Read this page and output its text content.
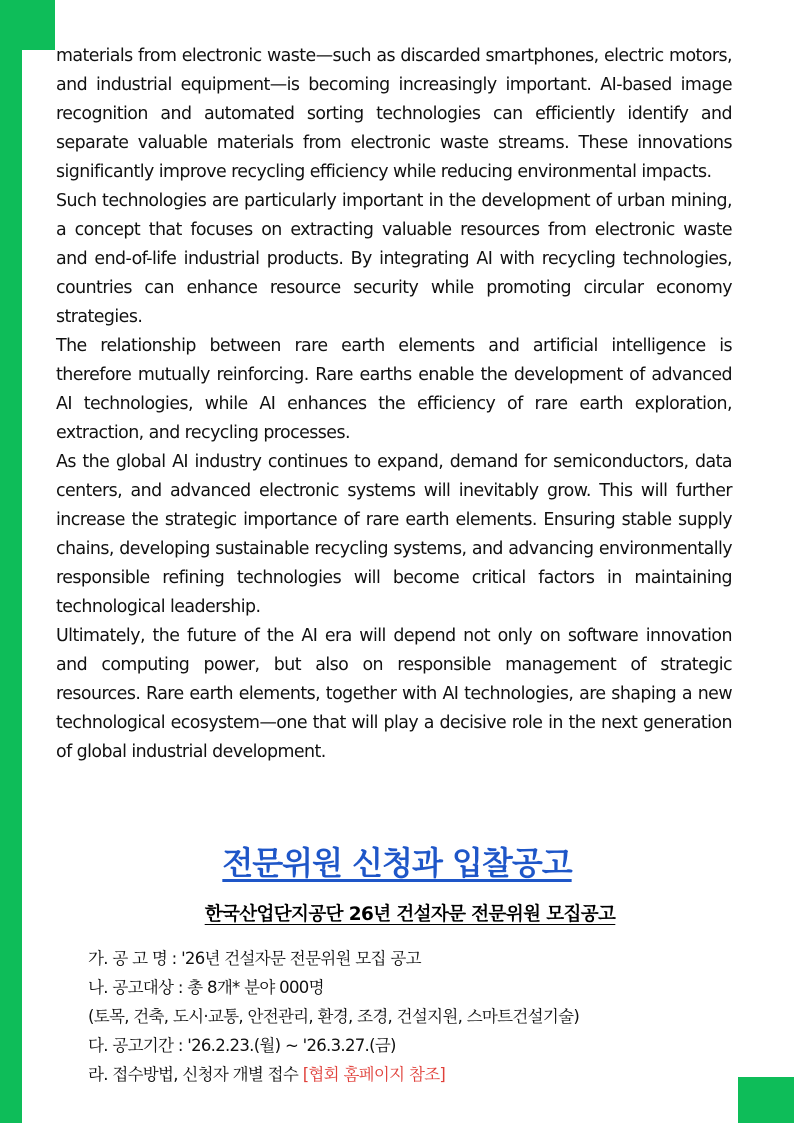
materials from electronic waste—such as discarded smartphones, electric motors, and industrial equipment—is becoming increasingly important. AI-based image recognition and automated sorting technologies can efficiently identify and separate valuable materials from electronic waste streams. These innovations significantly improve recycling efficiency while reducing environmental impacts.

Such technologies are particularly important in the development of urban mining, a concept that focuses on extracting valuable resources from electronic waste and end-of-life industrial products. By integrating AI with recycling technologies, countries can enhance resource security while promoting circular economy strategies.

The relationship between rare earth elements and artificial intelligence is therefore mutually reinforcing. Rare earths enable the development of advanced AI technologies, while AI enhances the efficiency of rare earth exploration, extraction, and recycling processes.

As the global AI industry continues to expand, demand for semiconductors, data centers, and advanced electronic systems will inevitably grow. This will further increase the strategic importance of rare earth elements. Ensuring stable supply chains, developing sustainable recycling systems, and advancing environmentally responsible refining technologies will become critical factors in maintaining technological leadership.

Ultimately, the future of the AI era will depend not only on software innovation and computing power, but also on responsible management of strategic resources. Rare earth elements, together with AI technologies, are shaping a new technological ecosystem—one that will play a decisive role in the next generation of global industrial development.

전문위원 신청과 입찰공고
한국산업단지공단 26년 건설자문 전문위원 모집공고
가. 공 고 명 : '26년 건설자문 전문위원 모집 공고
나. 공고대상 : 총 8개* 분야 000명
(토목, 건축, 도시·교통, 안전관리, 환경, 조경, 건설지원, 스마트건설기술)
다. 공고기간 : '26.2.23.(월) ~ '26.3.27.(금)
라. 접수방법, 신청자 개별 접수 [협회 홈페이지 참조]
